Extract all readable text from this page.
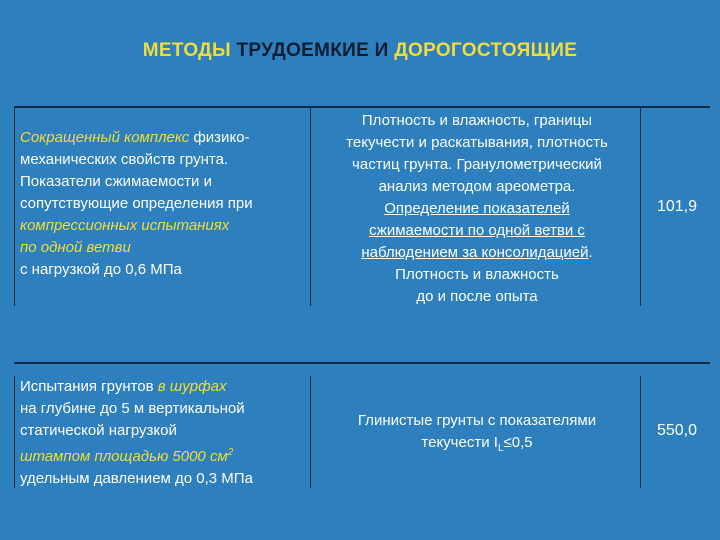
МЕТОДЫ ТРУДОЕМКИЕ И ДОРОГОСТОЯЩИЕ
Сокращенный комплекс физико-
механических свойств грунта.
Показатели сжимаемости и
сопутствующие определения при
компрессионных испытаниях
по одной ветви
с нагрузкой до 0,6 МПа
Плотность и влажность, границы
текучести и раскатывания, плотность
частиц грунта. Гранулометрический
анализ методом ареометра.
Определение показателей
сжимаемости по одной ветви с
наблюдением за консолидацией.
Плотность и влажность
до и после опыта
101,9
Испытания грунтов в шурфах
на глубине до 5 м вертикальной
статической нагрузкой
штампом площадью 5000 $см^2$
удельным давлением до 0,3 МПа
Глинистые грунты с показателями
текучести $I_L\le 0,5$
550,0
